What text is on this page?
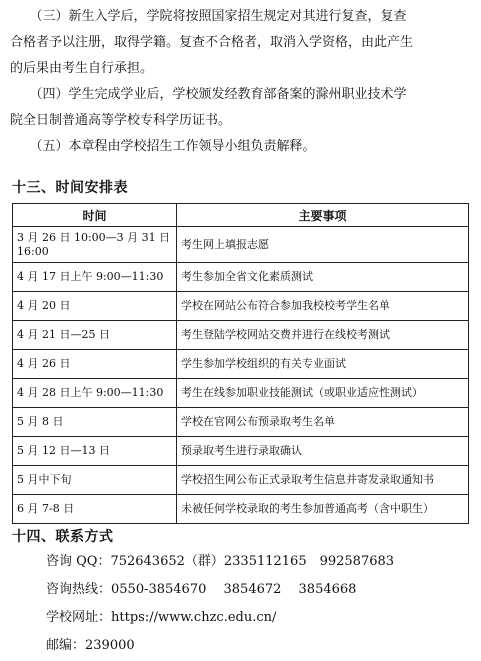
　　（三）新生入学后，学院将按照国家招生规定对其进行复查，复查
合格者予以注册，取得学籍。复查不合格者，取消入学资格，由此产生
的后果由考生自行承担。

　　（四）学生完成学业后，学校颁发经教育部备案的滁州职业技术学
院全日制普通高等学校专科学历证书。

　　（五）本章程由学校招生工作领导小组负责解释。

十三、时间安排表
时间	主要事项
3 月 26 日 10:00—3 月 31 日 16:00	考生网上填报志愿
4 月 17 日上午 9:00—11:30	考生参加全省文化素质测试
4 月 20 日	学校在网站公布符合参加我校校考学生名单
4 月 21 日—25 日	考生登陆学校网站交费并进行在线校考测试
4 月 26 日	学生参加学校组织的有关专业面试
4 月 28 日上午 9:00—11:30	考生在线参加职业技能测试（或职业适应性测试）
5 月 8 日	学校在官网公布预录取考生名单
5 月 12 日—13 日	预录取考生进行录取确认
5 月中下旬	学校招生网公布正式录取考生信息并寄发录取通知书
6 月 7-8 日	未被任何学校录取的考生参加普通高考（含中职生）
十四、联系方式

咨询 QQ：752643652（群）2335112165　992587683

咨询热线：0550-3854670　 3854672　 3854668

学校网址：https://www.chzc.edu.cn/

邮编：239000
